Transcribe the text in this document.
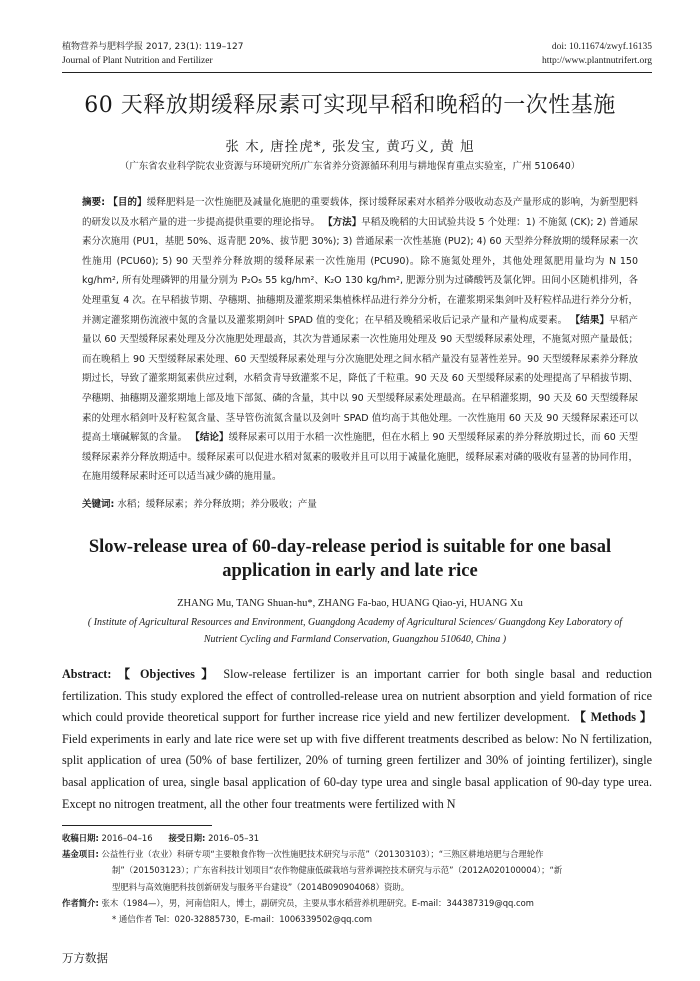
植物营养与肥料学报 2017, 23(1): 119–127
Journal of Plant Nutrition and Fertilizer
doi: 10.11674/zwyf.16135
http://www.plantnutrifert.org
60 天释放期缓释尿素可实现早稻和晚稻的一次性基施
张 木, 唐拴虎*, 张发宝, 黄巧义, 黄 旭
（广东省农业科学院农业资源与环境研究所/广东省养分资源循环利用与耕地保育重点实验室，广州 510640）
摘要: 【目的】缓释肥料是一次性施肥及减量化施肥的重要载体，探讨缓释尿素对水稻养分吸收动态及产量形成的影响，为新型肥料的研发以及水稻产量的进一步提高提供重要的理论指导。 【方法】早稻及晚稻的大田试验共设 5 个处理：1) 不施氮 (CK); 2) 普通尿素分次施用 (PU1，基肥 50%、返青肥 20%、拔节肥 30%); 3) 普通尿素一次性基施 (PU2); 4) 60 天型养分释放期的缓释尿素一次性施用 (PCU60); 5) 90 天型养分释放期的缓释尿素一次性施用 (PCU90)。除不施氮处理外，其他处理氮肥用量均为 N 150 kg/hm², 所有处理磷钾的用量分别为 P₂O₅ 55 kg/hm²、K₂O 130 kg/hm², 肥源分别为过磷酸钙及氯化钾。田间小区随机排列，各处理重复 4 次。在早稻拔节期、孕穗期、抽穗期及灌浆期采集植株样品进行养分分析，在灌浆期采集剑叶及籽粒样品进行养分分析，并测定灌浆期伤流液中氮的含量以及灌浆期剑叶 SPAD 值的变化；在早稻及晚稻采收后记录产量和产量构成要素。 【结果】早稻产量以 60 天型缓释尿素处理及分次施肥处理最高，其次为普通尿素一次性施用处理及 90 天型缓释尿素处理，不施氮对照产量最低；而在晚稻上 90 天型缓释尿素处理、60 天型缓释尿素处理与分次施肥处理之间水稻产量没有显著性差异。90 天型缓释尿素养分释放期过长，导致了灌浆期氮素供应过剩，水稻贪青导致灌浆不足，降低了千粒重。90 天及 60 天型缓释尿素的处理提高了早稻拔节期、孕穗期、抽穗期及灌浆期地上部及地下部氮、磷的含量，其中以 90 天型缓释尿素处理最高。在早稻灌浆期，90 天及 60 天型缓释尿素的处理水稻剑叶及籽粒氮含量、茎导管伤流氮含量以及剑叶 SPAD 值均高于其他处理。一次性施用 60 天及 90 天缓释尿素还可以提高土壤碱解氮的含量。 【结论】缓释尿素可以用于水稻一次性施肥，但在水稻上 90 天型缓释尿素的养分释放期过长，而 60 天型缓释尿素养分释放期适中。缓释尿素可以促进水稻对氮素的吸收并且可以用于减量化施肥，缓释尿素对磷的吸收有显著的协同作用，在施用缓释尿素时还可以适当减少磷的施用量。
关键词: 水稻；缓释尿素；养分释放期；养分吸收；产量
Slow-release urea of 60-day-release period is suitable for one basal application in early and late rice
ZHANG Mu, TANG Shuan-hu*, ZHANG Fa-bao, HUANG Qiao-yi, HUANG Xu
( Institute of Agricultural Resources and Environment, Guangdong Academy of Agricultural Sciences/ Guangdong Key Laboratory of Nutrient Cycling and Farmland Conservation, Guangzhou 510640, China )
Abstract: 【 Objectives 】 Slow-release fertilizer is an important carrier for both single basal and reduction fertilization. This study explored the effect of controlled-release urea on nutrient absorption and yield formation of rice which could provide theoretical support for further increase rice yield and new fertilizer development. 【 Methods 】 Field experiments in early and late rice were set up with five different treatments described as below: No N fertilization, split application of urea (50% of base fertilizer, 20% of turning green fertilizer and 30% of jointing fertilizer), single basal application of urea, single basal application of 60-day type urea and single basal application of 90-day type urea. Except no nitrogen treatment, all the other four treatments were fertilized with N
收稿日期: 2016–04–16 接受日期: 2016–05–31
基金项目: 公益性行业（农业）科研专项“主要粮食作物一次性施肥技术研究与示范”（201303103）；“三熟区耕地培肥与合理轮作
制”（201503123）；广东省科技计划项目“农作物健康低碳栽培与营养调控技术研究与示范”（2012A020100004）；“新
型肥料与高效施肥科技创新研发与服务平台建设”（2014B090904068）资助。
作者简介: 张木（1984—），男，河南信阳人，博士，副研究员，主要从事水稻营养机理研究。E-mail：344387319@qq.com
* 通信作者 Tel：020-32885730，E-mail：1006339502@qq.com
万方数据
